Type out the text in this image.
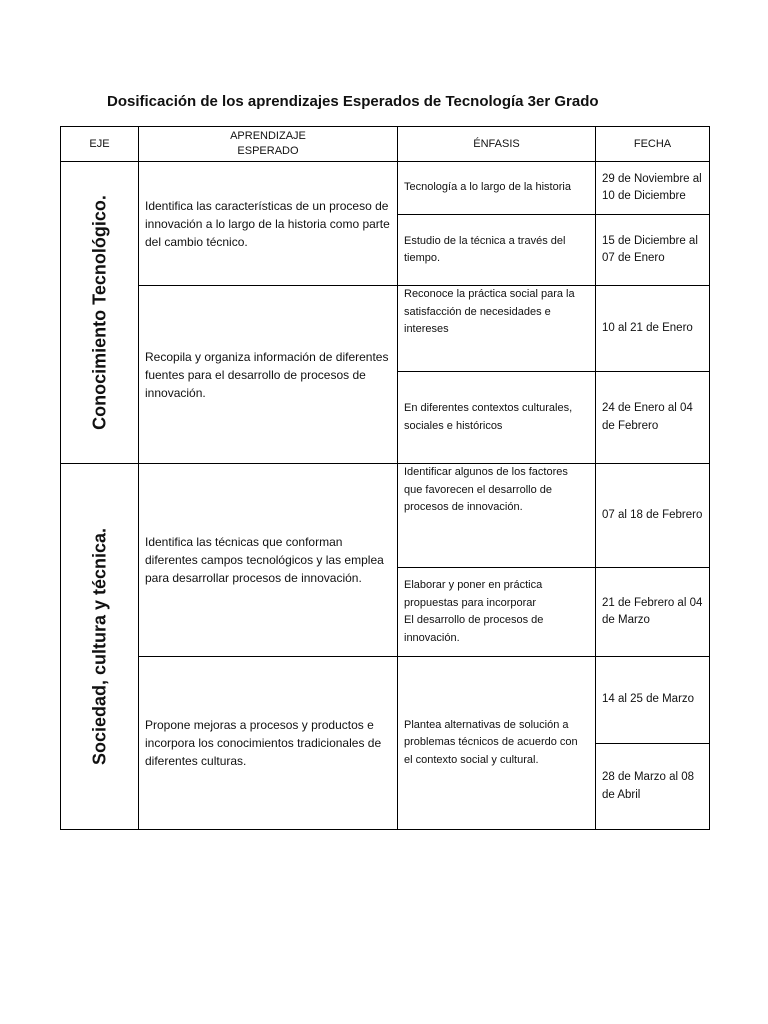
Dosificación de los aprendizajes Esperados de Tecnología 3er Grado
EJE
APRENDIZAJE
ESPERADO
ÉNFASIS	FECHA
Conocimiento Tecnológico.
Sociedad, cultura y técnica.
Identifica las características de un proceso de innovación a lo largo de la historia como parte del cambio técnico.
Recopila y organiza información de diferentes fuentes para el desarrollo de procesos de innovación.
Identifica las técnicas que conforman diferentes campos tecnológicos y las emplea para desarrollar procesos de innovación.
Propone mejoras a procesos y productos e incorpora los conocimientos tradicionales de diferentes culturas.
Tecnología a lo largo de la historia
Estudio de la técnica a través del tiempo.
Reconoce la práctica social para la satisfacción de necesidades e intereses
En diferentes contextos culturales, sociales e históricos
Identificar algunos de los factores que favorecen el desarrollo de procesos de innovación.
Elaborar y poner en práctica propuestas para incorporar
El desarrollo de procesos de innovación.
Plantea alternativas de solución a problemas técnicos de acuerdo con el contexto social y cultural.
29 de Noviembre al 10 de Diciembre
15 de Diciembre al 07 de Enero
10 al 21 de Enero
24 de Enero al 04 de Febrero
07 al 18 de Febrero
21 de Febrero al 04 de Marzo
14 al 25 de Marzo
28 de Marzo al 08 de Abril
